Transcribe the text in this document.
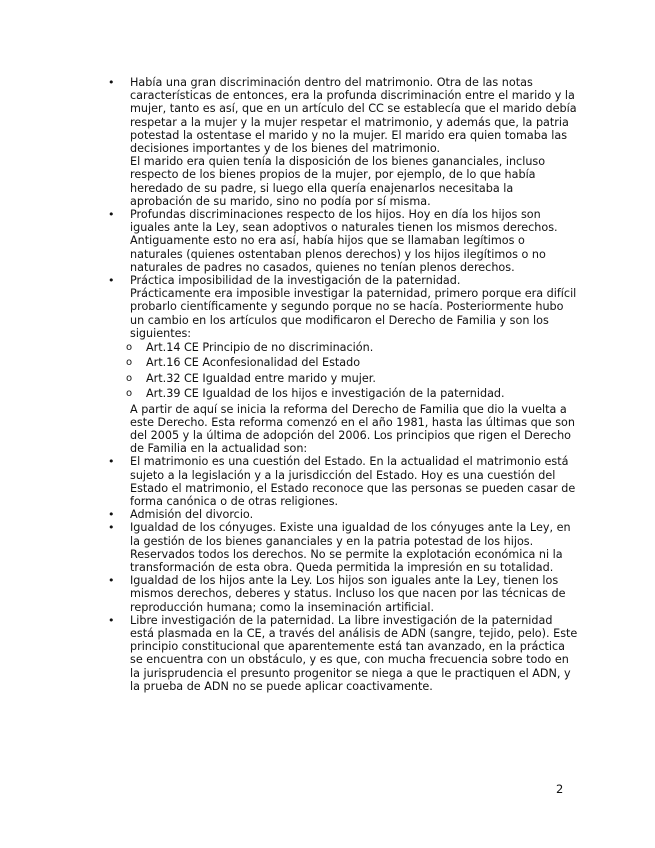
•	Había una gran discriminación dentro del matrimonio. Otra de las notas características de entonces, era la profunda discriminación entre el marido y la mujer, tanto es así, que en un artículo del CC se establecía que el marido debía respetar a la mujer y la mujer respetar el matrimonio, y además que, la patria potestad la ostentase el marido y no la mujer. El marido era quien tomaba las decisiones importantes y de los bienes del matrimonio.

El marido era quien tenía la disposición de los bienes gananciales, incluso respecto de los bienes propios de la mujer, por ejemplo, de lo que había heredado de su padre, si luego ella quería enajenarlos necesitaba la aprobación de su marido, sino no podía por sí misma.

•	Profundas discriminaciones respecto de los hijos. Hoy en día los hijos son iguales ante la Ley, sean adoptivos o naturales tienen los mismos derechos. Antiguamente esto no era así, había hijos que se llamaban legítimos o naturales (quienes ostentaban plenos derechos) y los hijos ilegítimos o no naturales de padres no casados, quienes no tenían plenos derechos.

•	Práctica imposibilidad de la investigación de la paternidad.

Prácticamente era imposible investigar la paternidad, primero porque era difícil probarlo científicamente y segundo porque no se hacía. Posteriormente hubo un cambio en los artículos que modificaron el Derecho de Familia y son los siguientes:

o Art.14 CE Principio de no discriminación.
o Art.16 CE Aconfesionalidad del Estado
o Art.32 CE Igualdad entre marido y mujer.
o Art.39 CE Igualdad de los hijos e investigación de la paternidad.

A partir de aquí se inicia la reforma del Derecho de Familia que dio la vuelta a este Derecho. Esta reforma comenzó en el año 1981, hasta las últimas que son del 2005 y la última de adopción del 2006. Los principios que rigen el Derecho de Familia en la actualidad son:

•	El matrimonio es una cuestión del Estado. En la actualidad el matrimonio está sujeto a la legislación y a la jurisdicción del Estado. Hoy es una cuestión del Estado el matrimonio, el Estado reconoce que las personas se pueden casar de forma canónica o de otras religiones.

•	Admisión del divorcio.

•	Igualdad de los cónyuges. Existe una igualdad de los cónyuges ante la Ley, en la gestión de los bienes gananciales y en la patria potestad de los hijos. Reservados todos los derechos. No se permite la explotación económica ni la transformación de esta obra. Queda permitida la impresión en su totalidad.

•	Igualdad de los hijos ante la Ley. Los hijos son iguales ante la Ley, tienen los mismos derechos, deberes y status. Incluso los que nacen por las técnicas de reproducción humana; como la inseminación artificial.

•	Libre investigación de la paternidad. La libre investigación de la paternidad está plasmada en la CE, a través del análisis de ADN (sangre, tejido, pelo). Este principio constitucional que aparentemente está tan avanzado, en la práctica se encuentra con un obstáculo, y es que, con mucha frecuencia sobre todo en la jurisprudencia el presunto progenitor se niega a que le practiquen el ADN, y la prueba de ADN no se puede aplicar coactivamente.

2
